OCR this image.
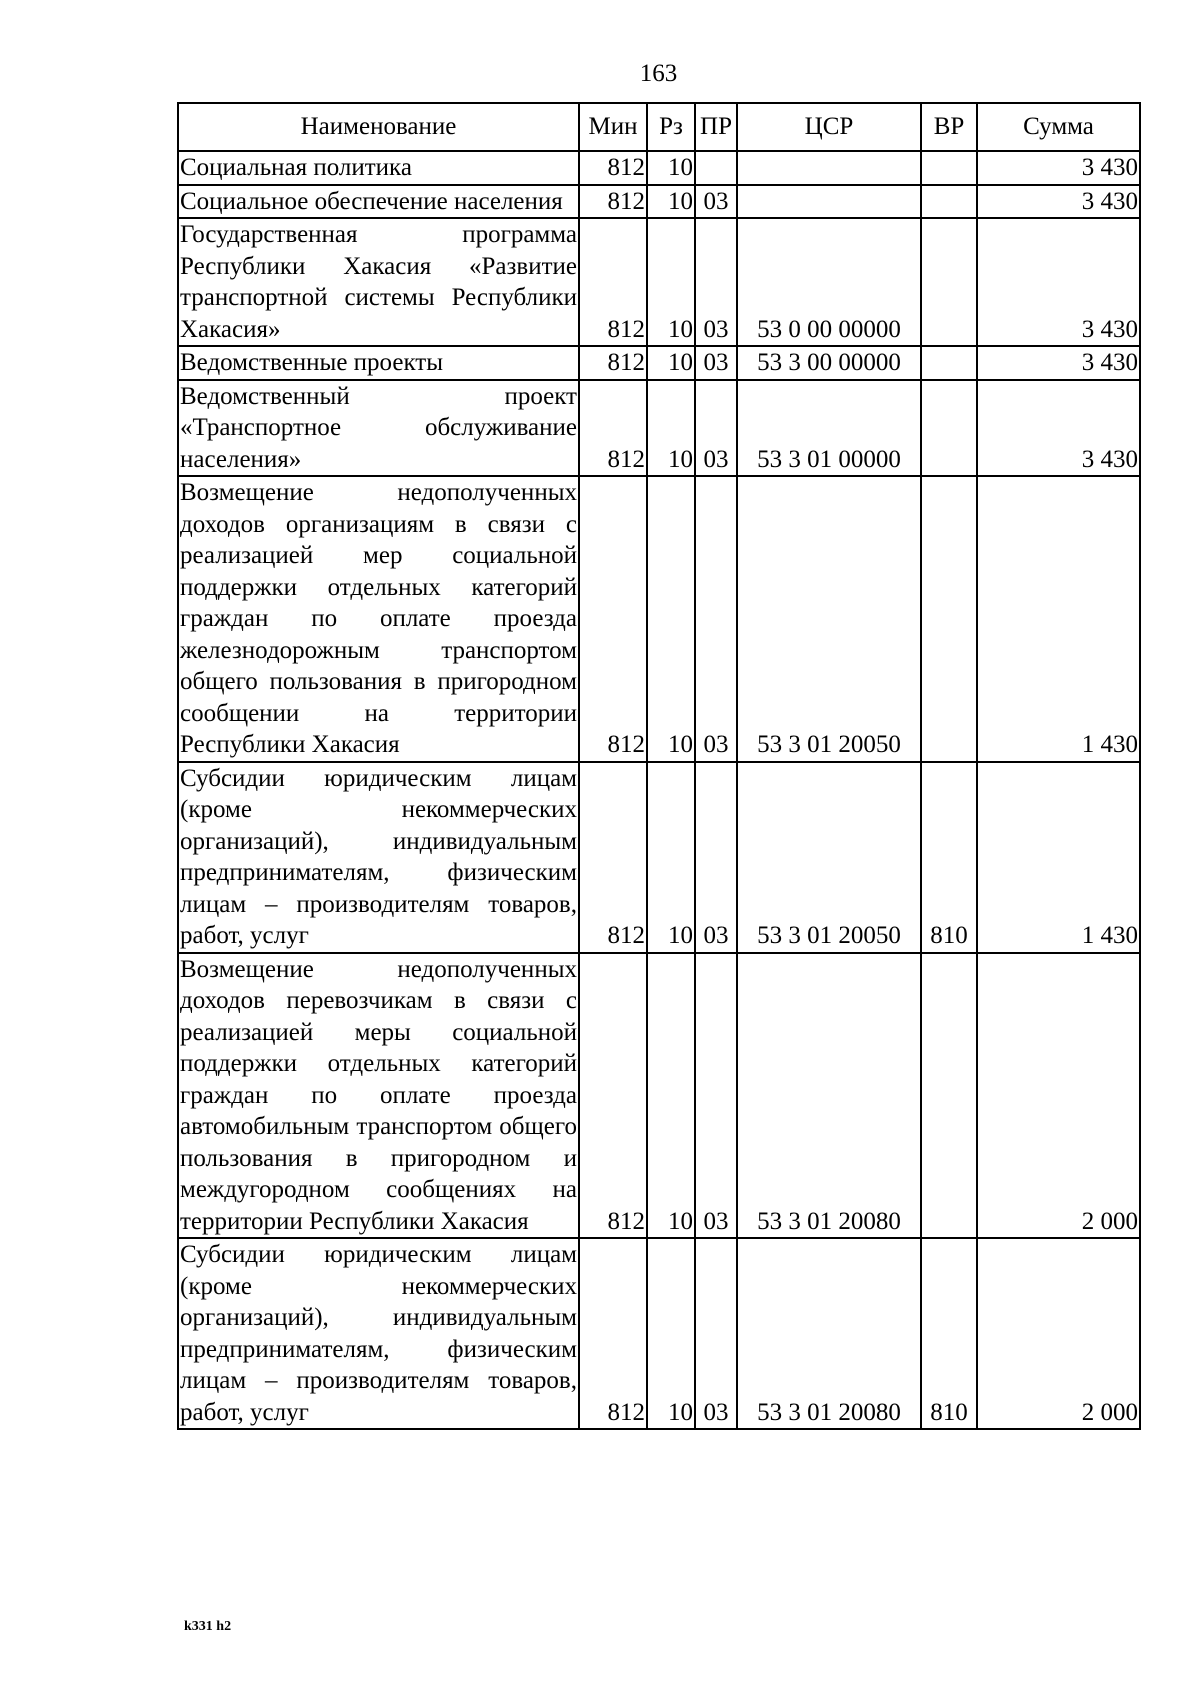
163
Наименование	Мин	Рз	ПР	ЦСР	ВР	Сумма
Социальная политика	812	10				3 430
Социальное обеспечение населения	812	10	03			3 430
Государственная программа Республики Хакасия «Развитие транспортной системы Республики Хакасия»	812	10	03	53 0 00 00000		3 430
Ведомственные проекты	812	10	03	53 3 00 00000		3 430
Ведомственный проект «Транспортное обслуживание населения»	812	10	03	53 3 01 00000		3 430
Возмещение недополученных доходов организациям в связи с реализацией мер социальной поддержки отдельных категорий граждан по оплате проезда железнодорожным транспортом общего пользования в пригородном сообщении на территории Республики Хакасия	812	10	03	53 3 01 20050		1 430
Субсидии юридическим лицам (кроме некоммерческих организаций), индивидуальным предпринимателям, физическим лицам – производителям товаров, работ, услуг	812	10	03	53 3 01 20050	810	1 430
Возмещение недополученных доходов перевозчикам в связи с реализацией меры социальной поддержки отдельных категорий граждан по оплате проезда автомобильным транспортом общего пользования в пригородном и междугородном сообщениях на территории Республики Хакасия	812	10	03	53 3 01 20080		2 000
Субсидии юридическим лицам (кроме некоммерческих организаций), индивидуальным предпринимателям, физическим лицам – производителям товаров, работ, услуг	812	10	03	53 3 01 20080	810	2 000
k331 h2
